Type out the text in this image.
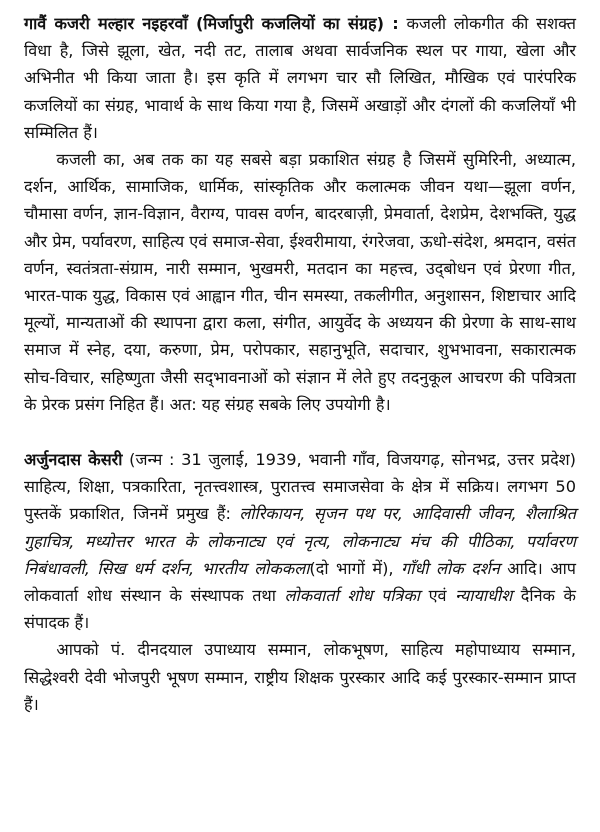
गावैं कजरी मल्हार नइहरवाँ (मिर्जापुरी कजलियों का संग्रह) : कजली लोकगीत की सशक्त विधा है, जिसे झूला, खेत, नदी तट, तालाब अथवा सार्वजनिक स्थल पर गाया, खेला और अभिनीत भी किया जाता है। इस कृति में लगभग चार सौ लिखित, मौखिक एवं पारंपरिक कजलियों का संग्रह, भावार्थ के साथ किया गया है, जिसमें अखाड़ों और दंगलों की कजलियाँ भी सम्मिलित हैं।

कजली का, अब तक का यह सबसे बड़ा प्रकाशित संग्रह है जिसमें सुमिरिनी, अध्यात्म, दर्शन, आर्थिक, सामाजिक, धार्मिक, सांस्कृतिक और कलात्मक जीवन यथा—झूला वर्णन, चौमासा वर्णन, ज्ञान-विज्ञान, वैराग्य, पावस वर्णन, बादरबाज़ी, प्रेमवार्ता, देशप्रेम, देशभक्ति, युद्ध और प्रेम, पर्यावरण, साहित्य एवं समाज-सेवा, ईश्वरीमाया, रंगरेजवा, ऊधो-संदेश, श्रमदान, वसंत वर्णन, स्वतंत्रता-संग्राम, नारी सम्मान, भुखमरी, मतदान का महत्त्व, उद्‌बोधन एवं प्रेरणा गीत, भारत-पाक युद्ध, विकास एवं आह्वान गीत, चीन समस्या, तकलीगीत, अनुशासन, शिष्टाचार आदि मूल्यों, मान्यताओं की स्थापना द्वारा कला, संगीत, आयुर्वेद के अध्ययन की प्रेरणा के साथ-साथ समाज में स्नेह, दया, करुणा, प्रेम, परोपकार, सहानुभूति, सदाचार, शुभभावना, सकारात्मक सोच-विचार, सहिष्णुता जैसी सद्‌भावनाओं को संज्ञान में लेते हुए तदनुकूल आचरण की पवित्रता के प्रेरक प्रसंग निहित हैं। अत: यह संग्रह सबके लिए उपयोगी है।

अर्जुनदास केसरी (जन्म : 31 जुलाई, 1939, भवानी गाँव, विजयगढ़, सोनभद्र, उत्तर प्रदेश) साहित्य, शिक्षा, पत्रकारिता, नृतत्त्वशास्त्र, पुरातत्त्व समाजसेवा के क्षेत्र में सक्रिय। लगभग 50 पुस्तकें प्रकाशित, जिनमें प्रमुख हैं: लोरिकायन, सृजन पथ पर, आदिवासी जीवन, शैलाश्रित गुहाचित्र, मध्योत्तर भारत के लोकनाट्य एवं नृत्य, लोकनाट्य मंच की पीठिका, पर्यावरण निबंधावली, सिख धर्म दर्शन, भारतीय लोककला(दो भागों में), गाँधी लोक दर्शन आदि। आप लोकवार्ता शोध संस्थान के संस्थापक तथा लोकवार्ता शोध पत्रिका एवं न्यायाधीश दैनिक के संपादक हैं।

आपको पं. दीनदयाल उपाध्याय सम्मान, लोकभूषण, साहित्य महोपाध्याय सम्मान, सिद्धेश्वरी देवी भोजपुरी भूषण सम्मान, राष्ट्रीय शिक्षक पुरस्कार आदि कई पुरस्कार-सम्मान प्राप्त हैं।
